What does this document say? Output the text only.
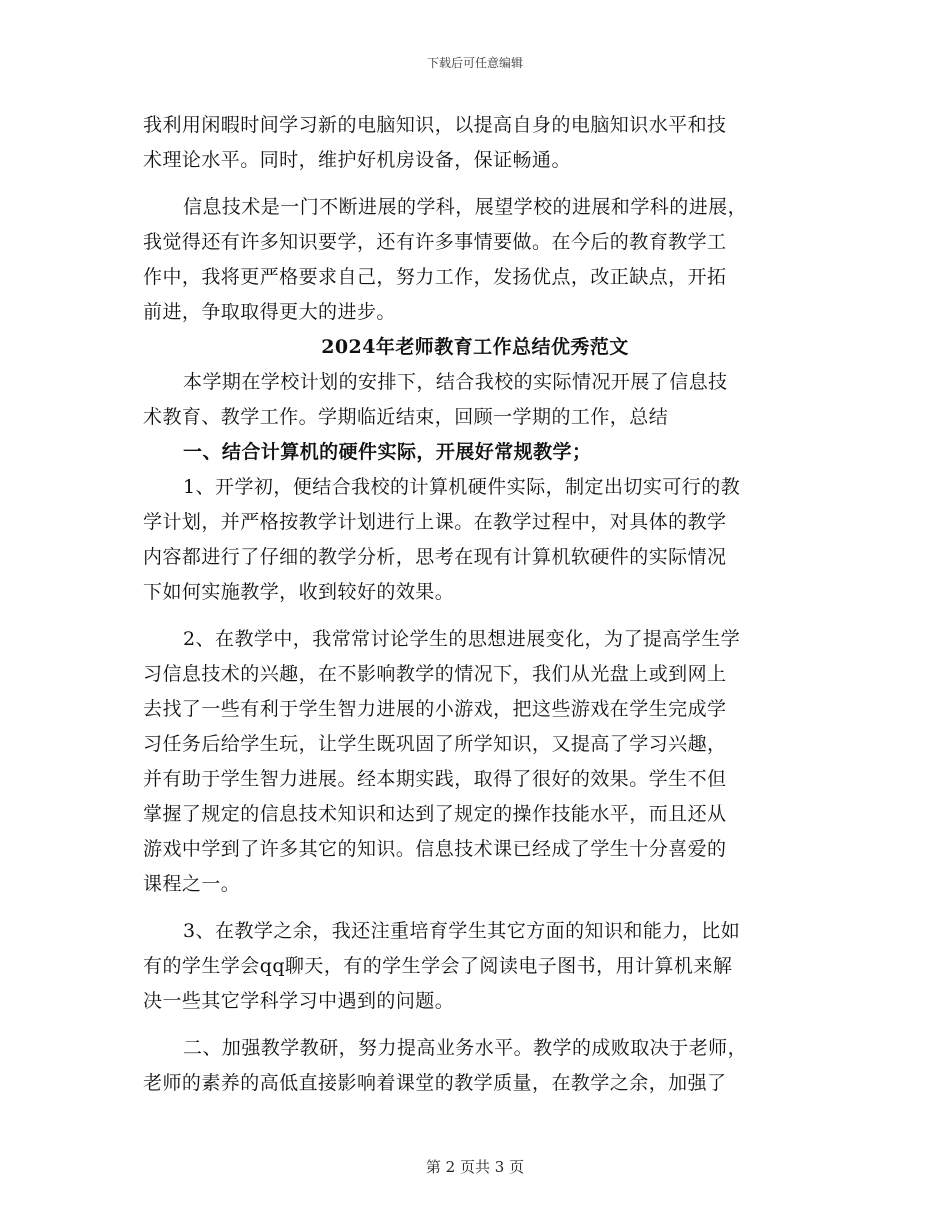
下载后可任意编辑
我利用闲暇时间学习新的电脑知识，以提高自身的电脑知识水平和技
术理论水平。同时，维护好机房设备，保证畅通。
信息技术是一门不断进展的学科，展望学校的进展和学科的进展，
我觉得还有许多知识要学，还有许多事情要做。在今后的教育教学工
作中，我将更严格要求自己，努力工作，发扬优点，改正缺点，开拓
前进，争取取得更大的进步。
2024年老师教育工作总结优秀范文
本学期在学校计划的安排下，结合我校的实际情况开展了信息技
术教育、教学工作。学期临近结束，回顾一学期的工作，总结
一、结合计算机的硬件实际，开展好常规教学；
1、开学初，便结合我校的计算机硬件实际，制定出切实可行的教
学计划，并严格按教学计划进行上课。在教学过程中，对具体的教学
内容都进行了仔细的教学分析，思考在现有计算机软硬件的实际情况
下如何实施教学，收到较好的效果。
2、在教学中，我常常讨论学生的思想进展变化，为了提高学生学
习信息技术的兴趣，在不影响教学的情况下，我们从光盘上或到网上
去找了一些有利于学生智力进展的小游戏，把这些游戏在学生完成学
习任务后给学生玩，让学生既巩固了所学知识，又提高了学习兴趣，
并有助于学生智力进展。经本期实践，取得了很好的效果。学生不但
掌握了规定的信息技术知识和达到了规定的操作技能水平，而且还从
游戏中学到了许多其它的知识。信息技术课已经成了学生十分喜爱的
课程之一。
3、在教学之余，我还注重培育学生其它方面的知识和能力，比如
有的学生学会qq聊天，有的学生学会了阅读电子图书，用计算机来解
决一些其它学科学习中遇到的问题。
二、加强教学教研，努力提高业务水平。教学的成败取决于老师，
老师的素养的高低直接影响着课堂的教学质量，在教学之余，加强了
第 2 页共 3 页
